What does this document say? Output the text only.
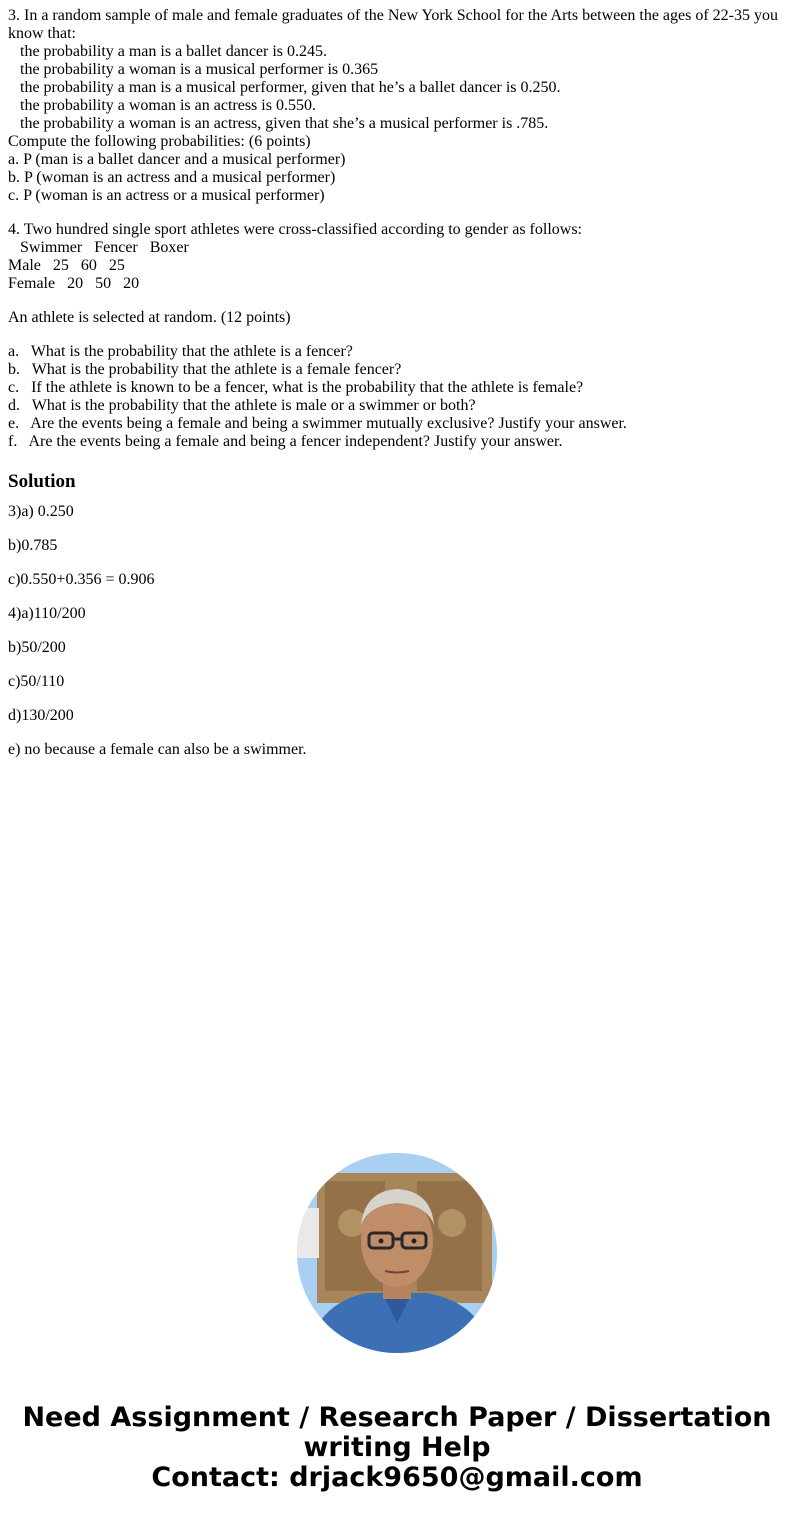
3. In a random sample of male and female graduates of the New York School for the Arts between the ages of 22-35 you know that:
the probability a man is a ballet dancer is 0.245.
the probability a woman is a musical performer is 0.365
the probability a man is a musical performer, given that he’s a ballet dancer is 0.250.
the probability a woman is an actress is 0.550.
the probability a woman is an actress, given that she’s a musical performer is .785.
Compute the following probabilities: (6 points)
a. P (man is a ballet dancer and a musical performer)
b. P (woman is an actress and a musical performer)
c. P (woman is an actress or a musical performer)
4. Two hundred single sport athletes were cross-classified according to gender as follows:
Swimmer   Fencer   Boxer
Male   25   60   25
Female   20   50   20
An athlete is selected at random. (12 points)
a.   What is the probability that the athlete is a fencer?
b.   What is the probability that the athlete is a female fencer?
c.   If the athlete is known to be a fencer, what is the probability that the athlete is female?
d.   What is the probability that the athlete is male or a swimmer or both?
e.   Are the events being a female and being a swimmer mutually exclusive? Justify your answer.
f.   Are the events being a female and being a fencer independent? Justify your answer.
Solution
3)a) 0.250
b)0.785
c)0.550+0.356 = 0.906
4)a)110/200
b)50/200
c)50/110
d)130/200
e) no because a female can also be a swimmer.
Need Assignment / Research Paper / Dissertation
writing Help
Contact: drjack9650@gmail.com
